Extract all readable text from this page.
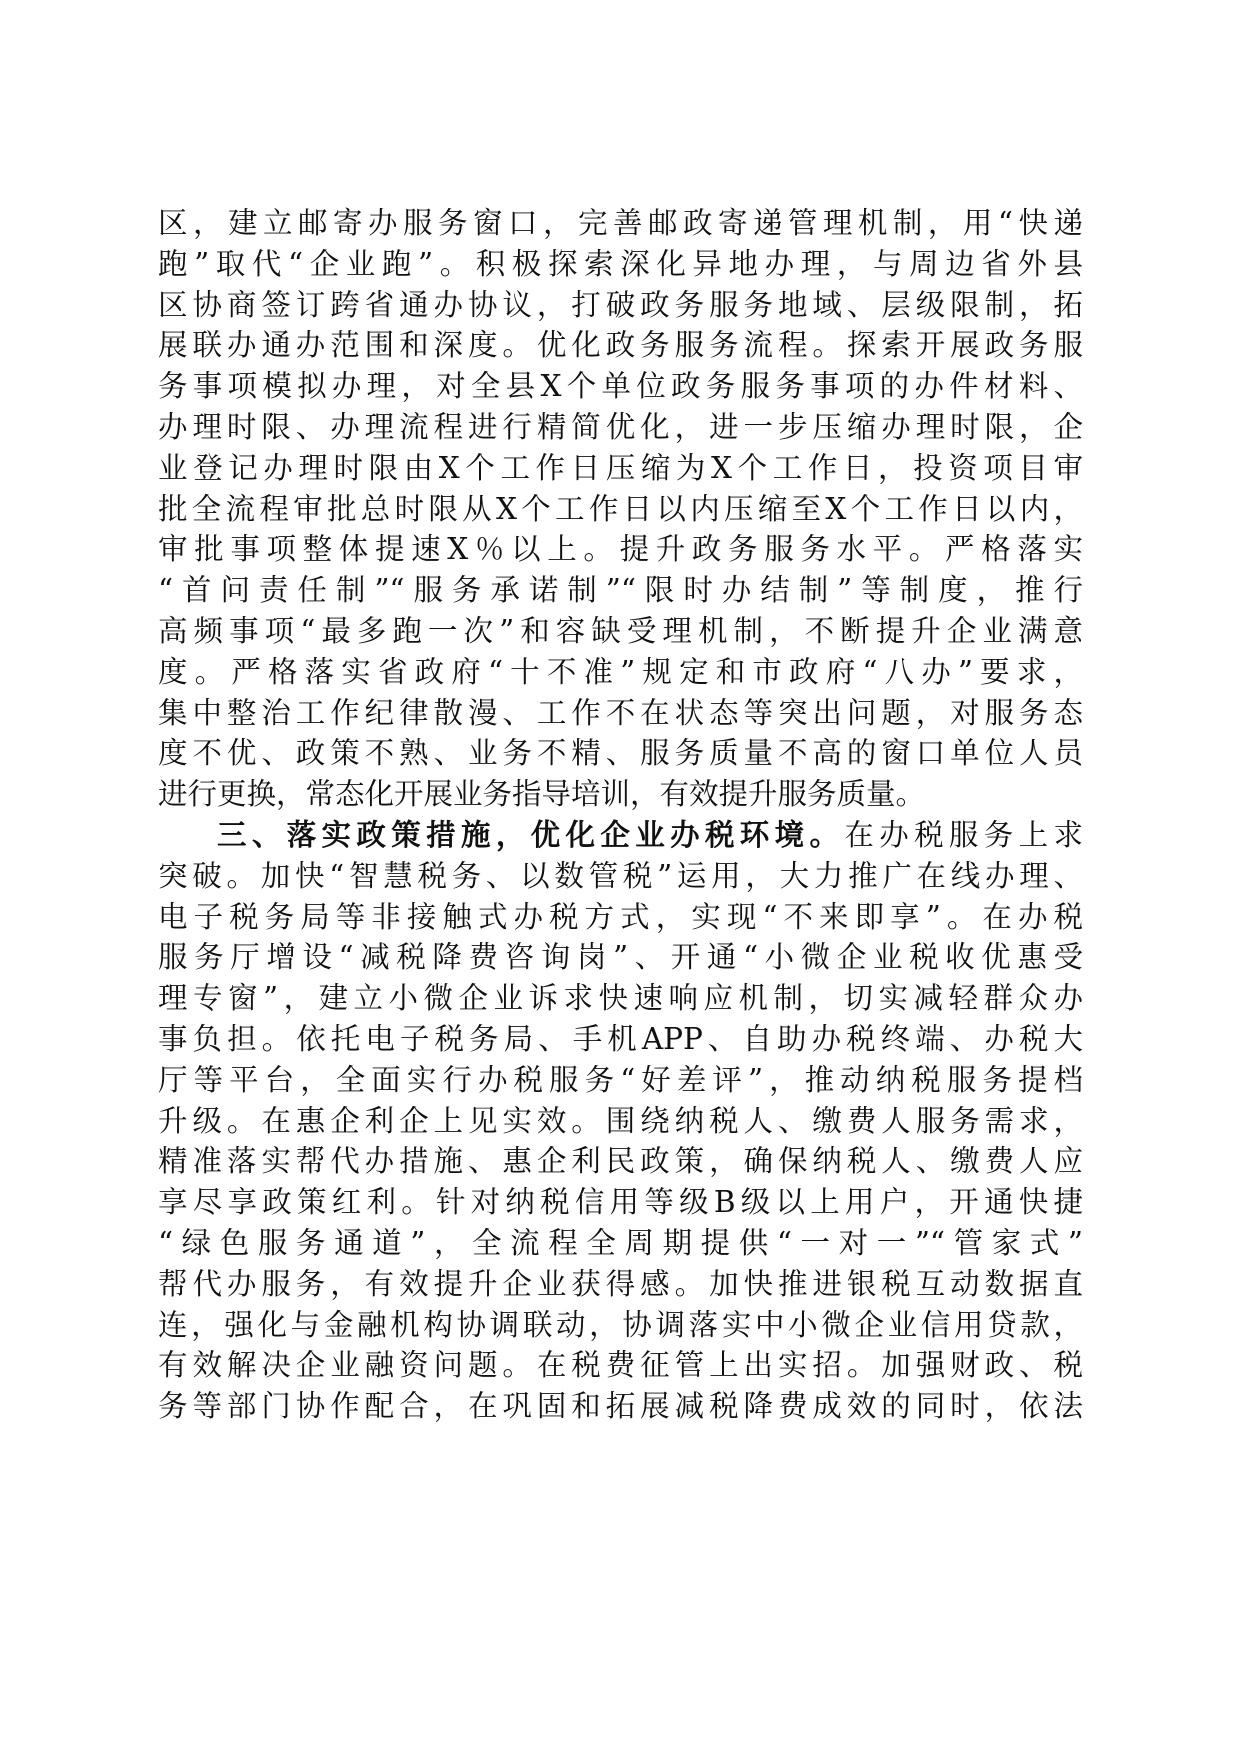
区，建立邮寄办服务窗口，完善邮政寄递管理机制，用“快递
跑”取代“企业跑”。积极探索深化异地办理，与周边省外县
区协商签订跨省通办协议，打破政务服务地域、层级限制，拓
展联办通办范围和深度。优化政务服务流程。探索开展政务服
务事项模拟办理，对全县X个单位政务服务事项的办件材料、
办理时限、办理流程进行精简优化，进一步压缩办理时限，企
业登记办理时限由X个工作日压缩为X个工作日，投资项目审
批全流程审批总时限从X个工作日以内压缩至X个工作日以内，
审批事项整体提速X％以上。提升政务服务水平。严格落实
“首问责任制”“服务承诺制”“限时办结制”等制度，推行
高频事项“最多跑一次”和容缺受理机制，不断提升企业满意
度。严格落实省政府“十不准”规定和市政府“八办”要求，
集中整治工作纪律散漫、工作不在状态等突出问题，对服务态
度不优、政策不熟、业务不精、服务质量不高的窗口单位人员
进行更换，常态化开展业务指导培训，有效提升服务质量。
三、落实政策措施，优化企业办税环境。在办税服务上求
突破。加快“智慧税务、以数管税”运用，大力推广在线办理、
电子税务局等非接触式办税方式，实现“不来即享”。在办税
服务厅增设“减税降费咨询岗”、开通“小微企业税收优惠受
理专窗”，建立小微企业诉求快速响应机制，切实减轻群众办
事负担。依托电子税务局、手机APP、自助办税终端、办税大
厅等平台，全面实行办税服务“好差评”，推动纳税服务提档
升级。在惠企利企上见实效。围绕纳税人、缴费人服务需求，
精准落实帮代办措施、惠企利民政策，确保纳税人、缴费人应
享尽享政策红利。针对纳税信用等级B级以上用户，开通快捷
“绿色服务通道”，全流程全周期提供“一对一”“管家式”
帮代办服务，有效提升企业获得感。加快推进银税互动数据直
连，强化与金融机构协调联动，协调落实中小微企业信用贷款，
有效解决企业融资问题。在税费征管上出实招。加强财政、税
务等部门协作配合，在巩固和拓展减税降费成效的同时，依法
